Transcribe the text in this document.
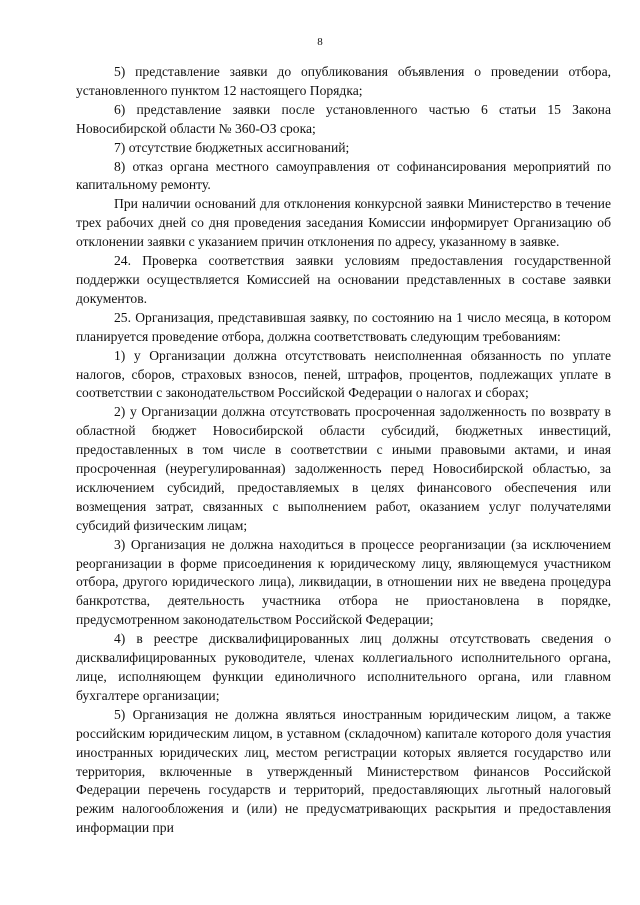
8

5) представление заявки до опубликования объявления о проведении отбора, установленного пунктом 12 настоящего Порядка;

6) представление заявки после установленного частью 6 статьи 15 Закона Новосибирской области № 360-ОЗ срока;

7) отсутствие бюджетных ассигнований;

8) отказ органа местного самоуправления от софинансирования мероприятий по капитальному ремонту.

При наличии оснований для отклонения конкурсной заявки Министерство в течение трех рабочих дней со дня проведения заседания Комиссии информирует Организацию об отклонении заявки с указанием причин отклонения по адресу, указанному в заявке.

24. Проверка соответствия заявки условиям предоставления государственной поддержки осуществляется Комиссией на основании представленных в составе заявки документов.

25. Организация, представившая заявку, по состоянию на 1 число месяца, в котором планируется проведение отбора, должна соответствовать следующим требованиям:

1) у Организации должна отсутствовать неисполненная обязанность по уплате налогов, сборов, страховых взносов, пеней, штрафов, процентов, подлежащих уплате в соответствии с законодательством Российской Федерации о налогах и сборах;

2) у Организации должна отсутствовать просроченная задолженность по возврату в областной бюджет Новосибирской области субсидий, бюджетных инвестиций, предоставленных в том числе в соответствии с иными правовыми актами, и иная просроченная (неурегулированная) задолженность перед Новосибирской областью, за исключением субсидий, предоставляемых в целях финансового обеспечения или возмещения затрат, связанных с выполнением работ, оказанием услуг получателями субсидий физическим лицам;

3) Организация не должна находиться в процессе реорганизации (за исключением реорганизации в форме присоединения к юридическому лицу, являющемуся участником отбора, другого юридического лица), ликвидации, в отношении них не введена процедура банкротства, деятельность участника отбора не приостановлена в порядке, предусмотренном законодательством Российской Федерации;

4) в реестре дисквалифицированных лиц должны отсутствовать сведения о дисквалифицированных руководителе, членах коллегиального исполнительного органа, лице, исполняющем функции единоличного исполнительного органа, или главном бухгалтере организации;

5) Организация не должна являться иностранным юридическим лицом, а также российским юридическим лицом, в уставном (складочном) капитале которого доля участия иностранных юридических лиц, местом регистрации которых является государство или территория, включенные в утвержденный Министерством финансов Российской Федерации перечень государств и территорий, предоставляющих льготный налоговый режим налогообложения и (или) не предусматривающих раскрытия и предоставления информации при
